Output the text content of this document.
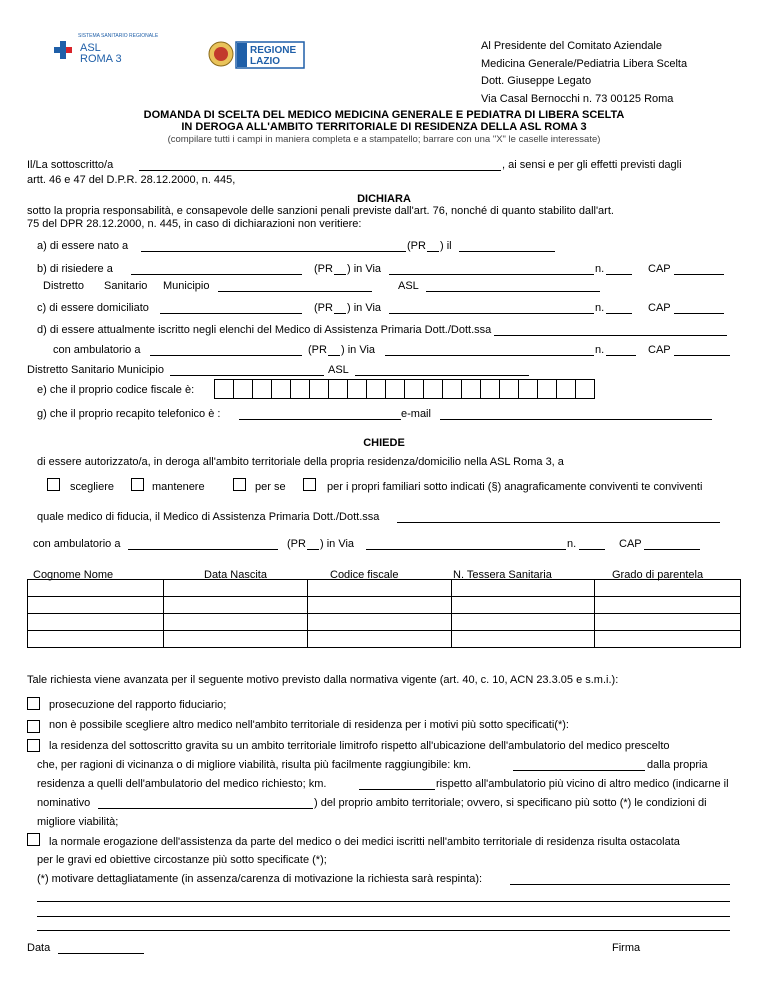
SISTEMA SANITARIO REGIONALE
ASL
ROMA 3
REGIONE
LAZIO
Al Presidente del Comitato Aziendale
Medicina Generale/Pediatria Libera Scelta
Dott. Giuseppe Legato
Via Casal Bernocchi n. 73 00125 Roma
DOMANDA DI SCELTA DEL MEDICO MEDICINA GENERALE E PEDIATRA DI LIBERA SCELTA
IN DEROGA ALL'AMBITO TERRITORIALE DI RESIDENZA DELLA ASL ROMA 3
(compilare tutti i campi in maniera completa e a stampatello; barrare con una "X" le caselle interessate)
Il/La sottoscritto/a	, ai sensi e per gli effetti previsti dagli
artt. 46 e 47 del D.P.R. 28.12.2000, n. 445,
DICHIARA
sotto la propria responsabilità, e consapevole delle sanzioni penali previste dall'art. 76, nonché di quanto stabilito dall'art.
75 del DPR 28.12.2000, n. 445, in caso di dichiarazioni non veritiere:
a) di essere nato a	(PR ) il
b) di risiedere a	(PR ) in Via	n.	CAP
Distretto Sanitario Municipio	ASL
c) di essere domiciliato	(PR ) in Via	n.	CAP
d) di essere attualmente iscritto negli elenchi del Medico di Assistenza Primaria Dott./Dott.ssa
con ambulatorio a	(PR ) in Via	n.	CAP
Distretto Sanitario Municipio	ASL
e) che il proprio codice fiscale è:
g) che il proprio recapito telefonico è :	e-mail
CHIEDE
di essere autorizzato/a, in deroga all'ambito territoriale della propria residenza/domicilio nella ASL Roma 3, a
scegliere	mantenere	per se	per i propri familiari sotto indicati (§) anagraficamente conviventi te conviventi
quale medico di fiducia, il Medico di Assistenza Primaria Dott./Dott.ssa
con ambulatorio a	(PR ) in Via	n.	CAP
Cognome Nome	Data Nascita	Codice fiscale	N. Tessera Sanitaria	Grado di parentela

Tale richiesta viene avanzata per il seguente motivo previsto dalla normativa vigente (art. 40, c. 10, ACN 23.3.05 e s.m.i.):
prosecuzione del rapporto fiduciario;
non è possibile scegliere altro medico nell'ambito territoriale di residenza per i motivi più sotto specificati(*):
la residenza del sottoscritto gravita su un ambito territoriale limitrofo rispetto all'ubicazione dell'ambulatorio del medico prescelto
che, per ragioni di vicinanza o di migliore viabilità, risulta più facilmente raggiungibile: km.	dalla propria
residenza a quelli dell'ambulatorio del medico richiesto; km.	rispetto all'ambulatorio più vicino di altro medico (indicarne il
nominativo	) del proprio ambito territoriale; ovvero, si specificano più sotto (*) le condizioni di
migliore viabilità;
la normale erogazione dell'assistenza da parte del medico o dei medici iscritti nell'ambito territoriale di residenza risulta ostacolata
per le gravi ed obiettive circostanze più sotto specificate (*);
(*) motivare dettagliatamente (in assenza/carenza di motivazione la richiesta sarà respinta):
Data	Firma
